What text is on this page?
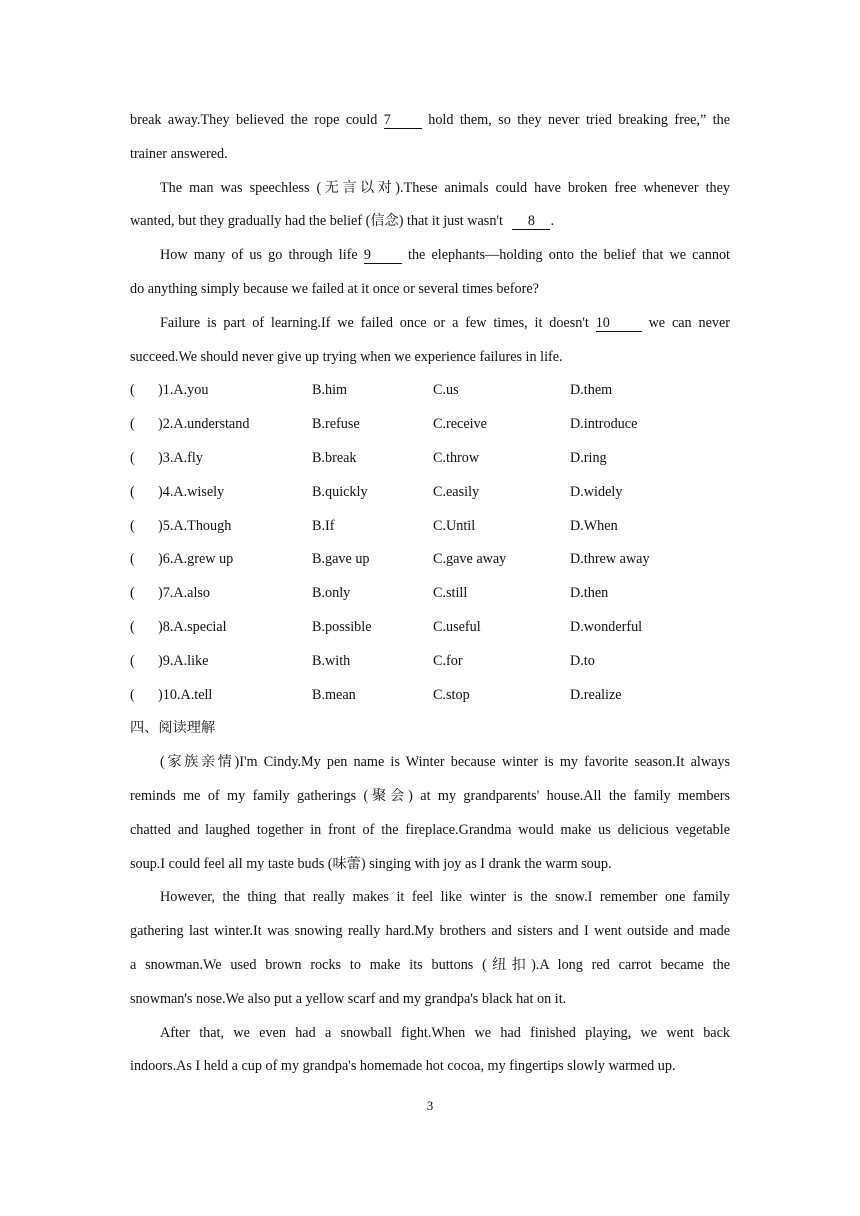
break away.They believed the rope could 7	hold them, so they never tried breaking free,” the
trainer answered.
The man was speechless (无言以对).These animals could have broken free whenever they
wanted, but they gradually had the belief (信念) that it just wasn't 8 .
How many of us go through life 9	the elephants—holding onto the belief that we cannot
do anything simply because we failed at it once or several times before?
Failure is part of learning.If we failed once or a few times, it doesn't 10	we can never
succeed.We should never give up trying when we experience failures in life.
(	)1.A.you	B.him	C.us	D.them
(	)2.A.understand	B.refuse	C.receive	D.introduce
(	)3.A.fly	B.break	C.throw	D.ring
(	)4.A.wisely	B.quickly	C.easily	D.widely
(	)5.A.Though	B.If	C.Until	D.When
(	)6.A.grew up	B.gave up	C.gave away	D.threw away
(	)7.A.also	B.only	C.still	D.then
(	)8.A.special	B.possible	C.useful	D.wonderful
(	)9.A.like	B.with	C.for	D.to
(	)10.A.tell	B.mean	C.stop	D.realize
四、阅读理解
(家族亲情)I'm Cindy.My pen name is Winter because winter is my favorite season.It always
reminds me of my family gatherings (聚会) at my grandparents' house.All the family members
chatted and laughed together in front of the fireplace.Grandma would make us delicious vegetable
soup.I could feel all my taste buds (味蕾) singing with joy as I drank the warm soup.
However, the thing that really makes it feel like winter is the snow.I remember one family
gathering last winter.It was snowing really hard.My brothers and sisters and I went outside and made
a snowman.We used brown rocks to make its buttons (纽扣).A long red carrot became the
snowman's nose.We also put a yellow scarf and my grandpa's black hat on it.
After that, we even had a snowball fight.When we had finished playing, we went back
indoors.As I held a cup of my grandpa's homemade hot cocoa, my fingertips slowly warmed up.
3
